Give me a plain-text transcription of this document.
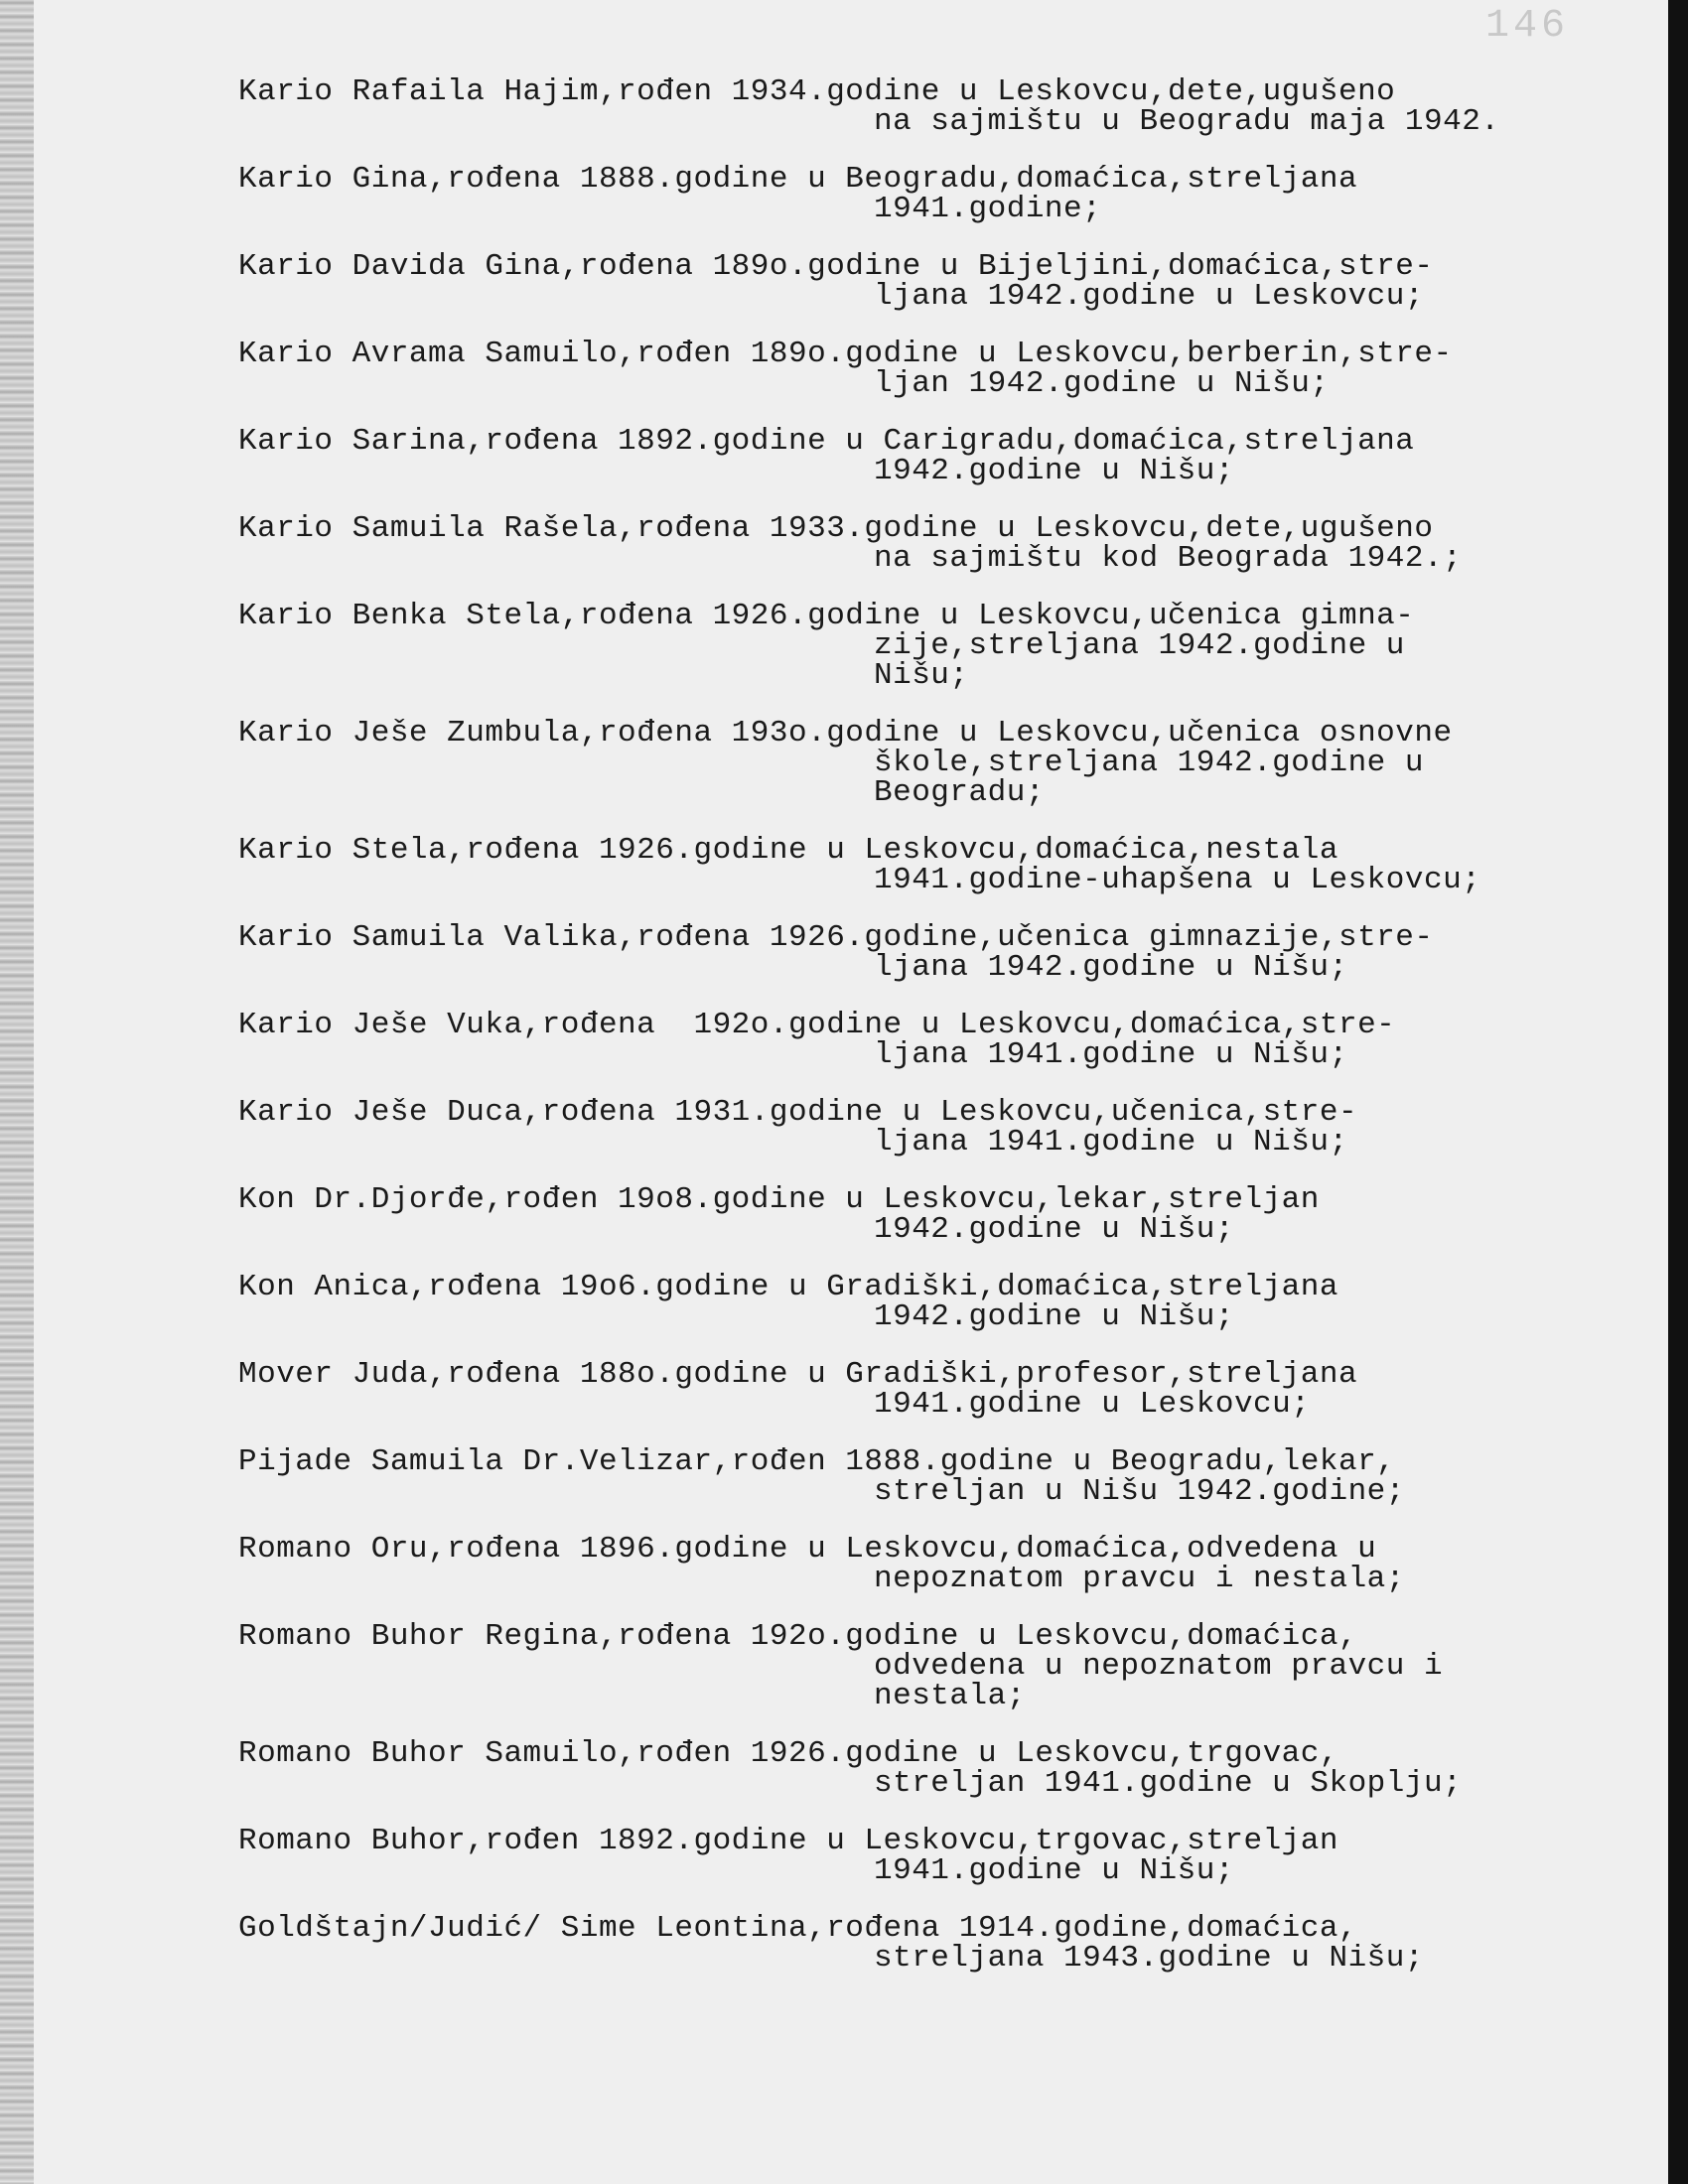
146
Kario Rafaila Hajim,rođen 1934.godine u Leskovcu,dete,ugušeno
na sajmištu u Beogradu maja 1942.
Kario Gina,rođena 1888.godine u Beogradu,domaćica,streljana
1941.godine;
Kario Davida Gina,rođena 189o.godine u Bijeljini,domaćica,stre-
ljana 1942.godine u Leskovcu;
Kario Avrama Samuilo,rođen 189o.godine u Leskovcu,berberin,stre-
ljan 1942.godine u Nišu;
Kario Sarina,rođena 1892.godine u Carigradu,domaćica,streljana
1942.godine u Nišu;
Kario Samuila Rašela,rođena 1933.godine u Leskovcu,dete,ugušeno
na sajmištu kod Beograda 1942.;
Kario Benka Stela,rođena 1926.godine u Leskovcu,učenica gimna-
zije,streljana 1942.godine u
Nišu;
Kario Ješe Zumbula,rođena 193o.godine u Leskovcu,učenica osnovne
škole,streljana 1942.godine u
Beogradu;
Kario Stela,rođena 1926.godine u Leskovcu,domaćica,nestala
1941.godine-uhapšena u Leskovcu;
Kario Samuila Valika,rođena 1926.godine,učenica gimnazije,stre-
ljana 1942.godine u Nišu;
Kario Ješe Vuka,rođena  192o.godine u Leskovcu,domaćica,stre-
ljana 1941.godine u Nišu;
Kario Ješe Duca,rođena 1931.godine u Leskovcu,učenica,stre-
ljana 1941.godine u Nišu;
Kon Dr.Djorđe,rođen 19o8.godine u Leskovcu,lekar,streljan
1942.godine u Nišu;
Kon Anica,rođena 19o6.godine u Gradiški,domaćica,streljana
1942.godine u Nišu;
Mover Juda,rođena 188o.godine u Gradiški,profesor,streljana
1941.godine u Leskovcu;
Pijade Samuila Dr.Velizar,rođen 1888.godine u Beogradu,lekar,
streljan u Nišu 1942.godine;
Romano Oru,rođena 1896.godine u Leskovcu,domaćica,odvedena u
nepoznatom pravcu i nestala;
Romano Buhor Regina,rođena 192o.godine u Leskovcu,domaćica,
odvedena u nepoznatom pravcu i
nestala;
Romano Buhor Samuilo,rođen 1926.godine u Leskovcu,trgovac,
streljan 1941.godine u Skoplju;
Romano Buhor,rođen 1892.godine u Leskovcu,trgovac,streljan
1941.godine u Nišu;
Goldštajn/Judić/ Sime Leontina,rođena 1914.godine,domaćica,
streljana 1943.godine u Nišu;
